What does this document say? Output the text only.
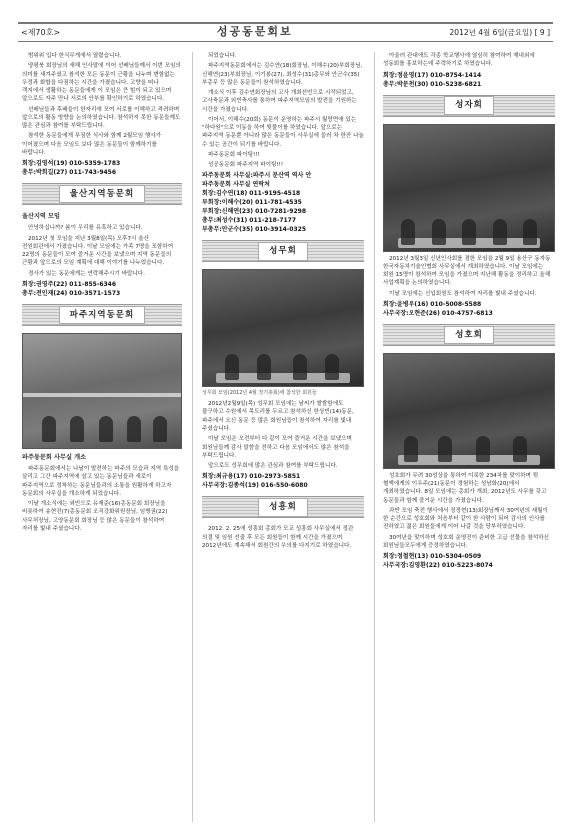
<제70호>	성공동문회보	2012년 4월 6일(금요일) [ 9 ]

범위위 입다 한식무게에서 열렸습니다.

양평북 회장님의 새해 인사말에 이어 선배님들께서 이번 모임의 의미를 새겨주셨고 참석한 모든 동문이 근황을 나누며 변함없는 우정과 화합을 다짐하는 시간을 가졌습니다. 고향을 떠나 객지에서 생활하는 동문들에게 이 모임은 큰 힘이 되고 있으며 앞으로도 자주 만나 서로의 안부를 확인하기로 하였습니다.

선배님들과 후배들이 한자리에 모여 서로를 이해하고 격려하며 앞으로의 활동 방향을 논의하였습니다. 참석하지 못한 동문들께도 많은 관심과 참여를 부탁드립니다.

참석한 동문들에게 푸짐한 식사와 함께 2월모임 행사가 이어졌으며 다음 모임도 보다 많은 동문들이 함께하기를 바랍니다.

회장:김영석(19) 010-5359-1783
총무:박희길(27) 011-743-9456
울산지역동문회
울산지역 모임

안녕하십니까? 봄이 우리를 유혹하고 있습니다.

2012년 첫 모임을 지난 3월8일(목) 오후7시 울산 전원회관에서 가졌습니다. 이날 모임에는 가족 7명을 포함하여 22명의 동문들이 모여 즐거운 시간을 보냈으며 지역 동문들의 근황과 앞으로의 모임 계획에 대해 이야기를 나누었습니다.

경사가 있는 동문에게는 연락해주시기 바랍니다.

회장:권영주(22) 011-855-6346
총무:전인재(24) 010-3571-1573
파주지역동문회
파주동문회 사무실 개소

파주동문회에서는 나날이 발전하는 파주의 모습과 지역 특성을 살리고 그간 파주지역에 살고 있는 동문님들과 새로이 파주지역으로 정착하는 동문님들과의 소통을 원활하게 하고자 동문회의 사무실을 개소하게 되었습니다.

이날 개소식에는 외빈으로 유재준(16)총동문회 회장님을 비롯하여 송현진(7)총동문회 조직강화위원장님, 임병권(22)사무처장님, 고양동문회 회장님 등 많은 동문들이 참석하여 자리를 빛내 주셨습니다.

되었습니다.

파주지역동문회에서는 김수연(18)회장님, 이해수(20)부회장님, 신해연(23)부회장님, 이기봉(27), 최성수(31)총무와 안군수(35)부총무 등 많은 동문들이 참석하였습니다.

개소식 이후 김수연회장님의 고사 개최선언으로 시작되었고, 고사축문과 외빈축사를 통하여 파주지역모임의 발전을 기원하는 시간을 가졌습니다.

이어서, 이해수(20회) 동문이 운영하는 파주시 월랑면에 있는 "하다원"으로 이동을 하여 뒷풀이를 하였습니다. 앞으로는 파주지역 동문뿐 아니라 많은 동문들이 사무실에 들러 차 한잔 나눌 수 있는 공간이 되기를 바랍니다.

파주동문회 파이팅!!!

성공동문회 파주지역 파이팅!!!

파주동문회 사무실:파주시 문산역 역사 안
파주동문회 사무실 연락처
회장:김수연(18) 011-9195-4518
부회장:이해수(20) 011-781-4535
부회장:신해연(23) 010-7281-9298
총무:최성수(31) 011-218-7177
부총무:안군수(35) 010-3914-0325
성무회
성무회 모임(2012년 4월 정기총회)에 참석한 회원들

2012년2월9일(목) 성무회 모임에는 날씨가 쌀쌀함에도 불구하고 수원에서 목도리를 두르고 참석하신 한상빈(14)동문, 파주에서 오신 동문 등 많은 회원님들이 참석하여 자리를 빛내 주셨습니다.

이날 모임은 오전부터 다 같이 모여 즐거운 시간을 보냈으며 회원님들께 감사 말씀을 전하고 다음 모임에서도 많은 참석을 부탁드립니다.

앞으로도 성무회에 많은 관심과 참여를 부탁드립니다.

회장:최규용(17) 010-2973-5851
사무국장:김종석(19) 016-550-6080
성흥회

2012. 2. 25에 성흥회 총회가 모교 성흥회 사무실에서 정관 의결 및 임원 선출 후 모든 회원들이 함께 시간을 가졌으며 2012년에도 계속해서 회원간의 우의를 다지기로 하였습니다.

아울러 관내에도 각종 학교행사에 열심히 참여하여 재내외에 성동회를 홍보하는데 주력하기로 하였습니다.

회장:정윤영(17) 010-8754-1414
총무:박문천(30) 010-5238-6821
성자회

2012년 3월3일 신년인사회를 겸한 모임을 2월 9일 용산구 동자동 한국자동차기술인협회 사무실에서 개최하였습니다. 이날 모임에는 회원 15명이 참석하여 모임을 가졌으며 지난해 활동을 정리하고 올해 사업계획을 논의하였습니다.

이날 모임에는 신입회원도 참석하여 자리를 빛내 주셨습니다.

회장:윤병우(16) 010-5008-5588
사무국장:오현준(26) 010-4757-6813
성호회

성호회가 무려 30성상을 통하여 이룩한 234차를 맞이하며 뒷 혈액에게의 이우주(21)동문이 경험하는 성남화(20)에서 개최하였습니다. 8일 모임에는 총회가 개최, 2012년도 사무를 갖고 동문들과 함께 즐거운 시간을 가졌습니다.

과반 모임 축전 행사에서 정정현(13)회장님께서 30여년의 세월이 한 순간으로 성호회와 처음부터 같이 한 사람이 되어 감사의 인사를 전하였고 젊은 회원들에게 이어 나갈 것을 당부하였습니다.

30여년을 맞이하며 성호회 운영진이 준비한 고급 선물을 참석하신 회원님들모두에게 증정하였습니다.

회장:정철현(13) 010-5304-0509
사무국장:김영환(22) 010-5223-8074
